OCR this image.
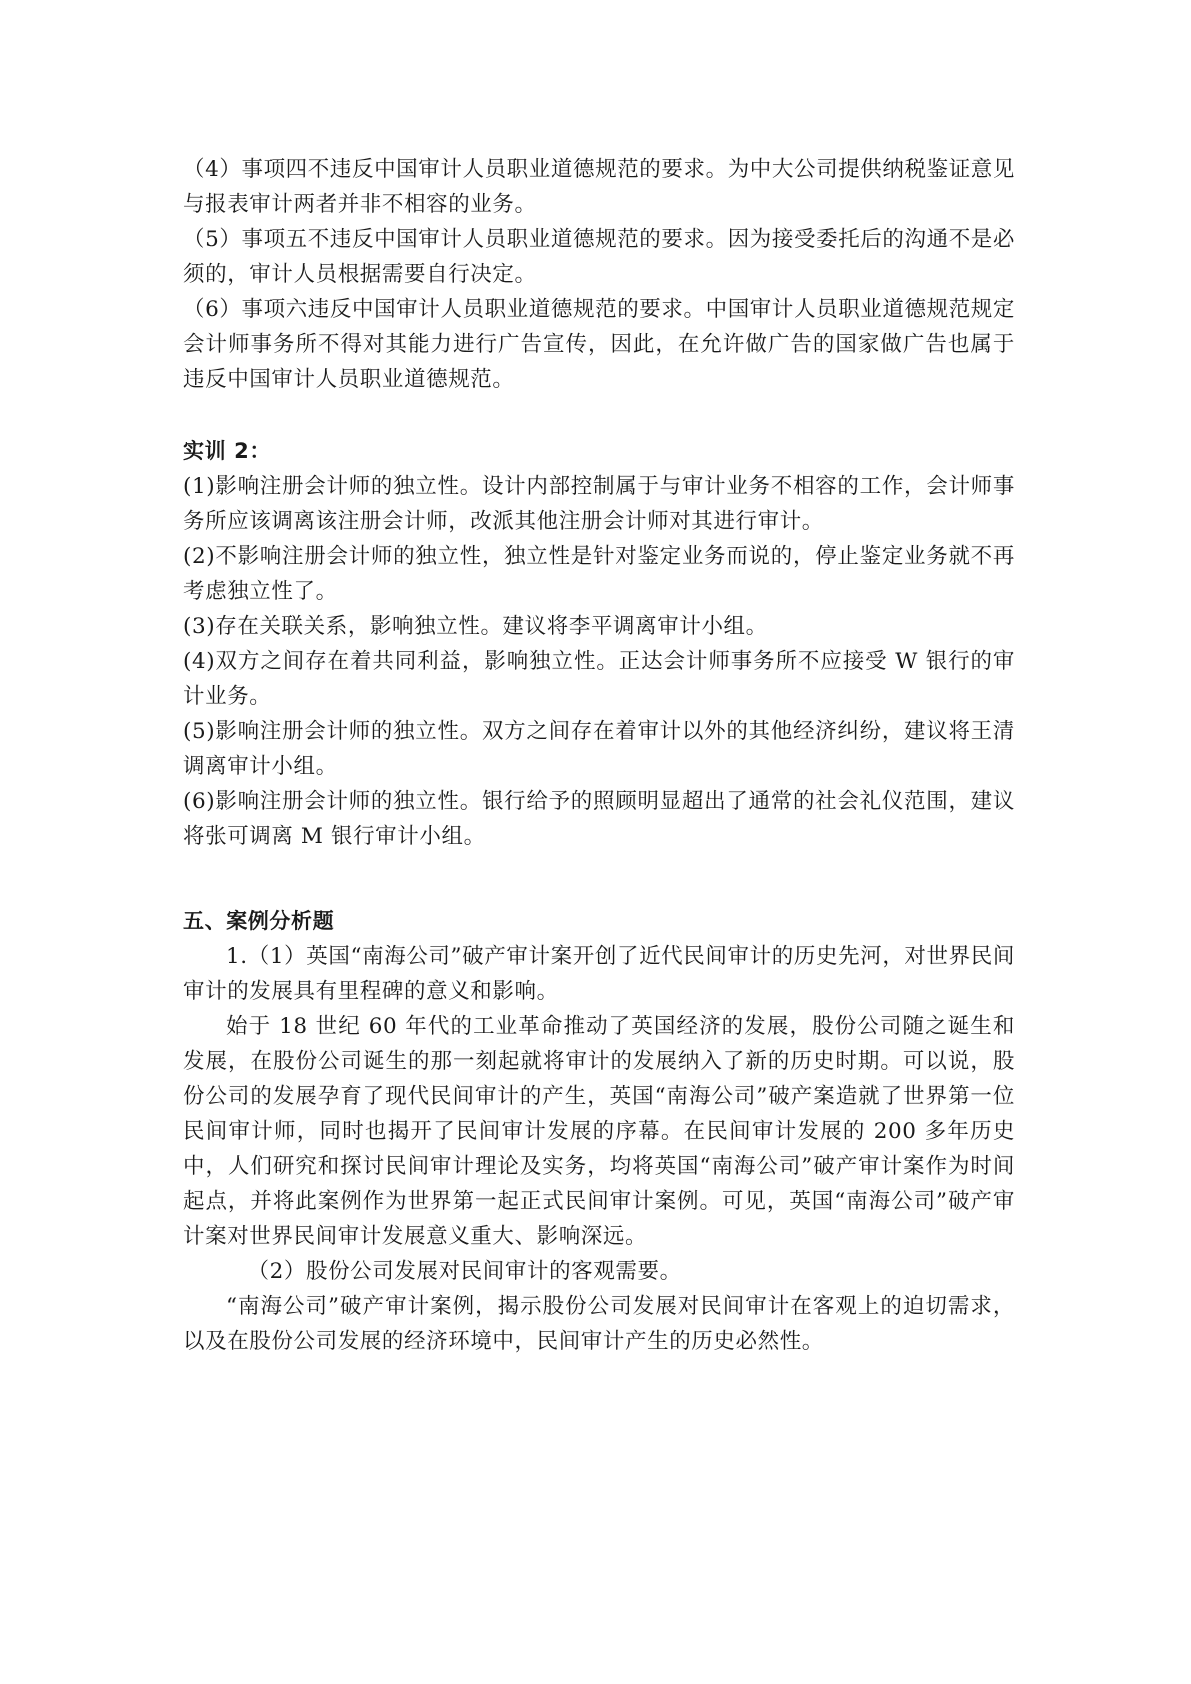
（4）事项四不违反中国审计人员职业道德规范的要求。为中大公司提供纳税鉴证意见与报表审计两者并非不相容的业务。

（5）事项五不违反中国审计人员职业道德规范的要求。因为接受委托后的沟通不是必须的，审计人员根据需要自行决定。

（6）事项六违反中国审计人员职业道德规范的要求。中国审计人员职业道德规范规定会计师事务所不得对其能力进行广告宣传，因此，在允许做广告的国家做广告也属于违反中国审计人员职业道德规范。

实训 2：

(1)影响注册会计师的独立性。设计内部控制属于与审计业务不相容的工作，会计师事务所应该调离该注册会计师，改派其他注册会计师对其进行审计。

(2)不影响注册会计师的独立性，独立性是针对鉴定业务而说的，停止鉴定业务就不再考虑独立性了。

(3)存在关联关系，影响独立性。建议将李平调离审计小组。

(4)双方之间存在着共同利益，影响独立性。正达会计师事务所不应接受 W 银行的审计业务。

(5)影响注册会计师的独立性。双方之间存在着审计以外的其他经济纠纷，建议将王清调离审计小组。

(6)影响注册会计师的独立性。银行给予的照顾明显超出了通常的社会礼仪范围，建议将张可调离 M 银行审计小组。

五、案例分析题

1.（1）英国“南海公司”破产审计案开创了近代民间审计的历史先河，对世界民间审计的发展具有里程碑的意义和影响。

始于 18 世纪 60 年代的工业革命推动了英国经济的发展，股份公司随之诞生和发展，在股份公司诞生的那一刻起就将审计的发展纳入了新的历史时期。可以说，股份公司的发展孕育了现代民间审计的产生，英国“南海公司”破产案造就了世界第一位民间审计师，同时也揭开了民间审计发展的序幕。在民间审计发展的 200 多年历史中，人们研究和探讨民间审计理论及实务，均将英国“南海公司”破产审计案作为时间起点，并将此案例作为世界第一起正式民间审计案例。可见，英国“南海公司”破产审计案对世界民间审计发展意义重大、影响深远。

（2）股份公司发展对民间审计的客观需要。

“南海公司”破产审计案例，揭示股份公司发展对民间审计在客观上的迫切需求，以及在股份公司发展的经济环境中，民间审计产生的历史必然性。
